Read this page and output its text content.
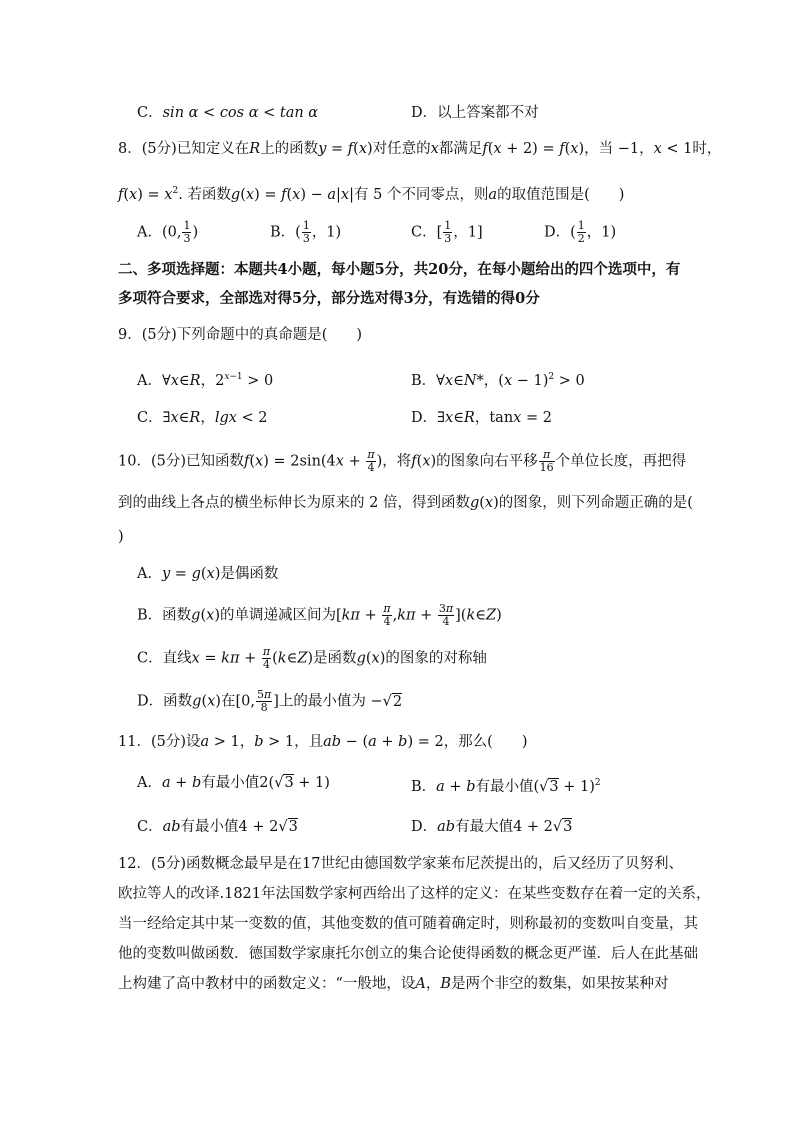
C．sin α < cos α < tan α	D．以上答案都不对
8．(5分)已知定义在R上的函数y = f(x)对任意的x都满足f(x + 2) = f(x)，当 −1，x < 1时，
$f(x) = x^2$. 若函数g(x) = f(x) − a|x|有 5 个不同零点，则a的取值范围是(　　)
A．(0, $\frac{1}{3}$ )	B．( $\frac{1}{3}$ ，1)	C．[ $\frac{1}{3}$ ，1]	D．( $\frac{1}{2}$ ，1)
二、多项选择题：本题共4小题，每小题5分，共20分，在每小题给出的四个选项中，有
多项符合要求，全部选对得5分，部分选对得3分，有选错的得0分
9．(5分)下列命题中的真命题是(　　)
A．∀x∈R，$2^{x-1} > 0$	B．∀x∈N*，$(x - 1)^2 > 0$
C．∃x∈R，lgx < 2	D．∃x∈R，tanx = 2
10．(5分)已知函数$f(x) = 2\sin(4x + \frac{\pi}{4}$ )，将f(x)的图象向右平移 $\frac{\pi}{16}$ 个单位长度，再把得
到的曲线上各点的横坐标伸长为原来的 2 倍，得到函数g(x)的图象，则下列命题正确的是(
)
A．y = g(x)是偶函数
B．函数g(x)的单调递减区间为[$k\pi + \frac{\pi}{4} ,k\pi + \frac{3\pi}{4}$ ](k∈Z)
C．直线$x = k\pi + \frac{\pi}{4}$ (k∈Z)是函数g(x)的图象的对称轴
D．函数g(x)在[0, $\frac{5\pi}{8}$ ]上的最小值为 −√2
11．(5分)设a > 1，b > 1，且ab − (a + b) = 2，那么(　　)
A．a + b有最小值2(√3 + 1)	B．a + b有最小值$(√3 + 1)^2$
C．ab有最小值4 + 2√3	D．ab有最大值4 + 2√3
12．(5分)函数概念最早是在17世纪由德国数学家莱布尼茨提出的，后又经历了贝努利、
欧拉等人的改译.1821年法国数学家柯西给出了这样的定义：在某些变数存在着一定的关系，
当一经给定其中某一变数的值，其他变数的值可随着确定时，则称最初的变数叫自变量，其
他的变数叫做函数．德国数学家康托尔创立的集合论使得函数的概念更严谨．后人在此基础
上构建了高中教材中的函数定义：“一般地，设A，B是两个非空的数集，如果按某种对
